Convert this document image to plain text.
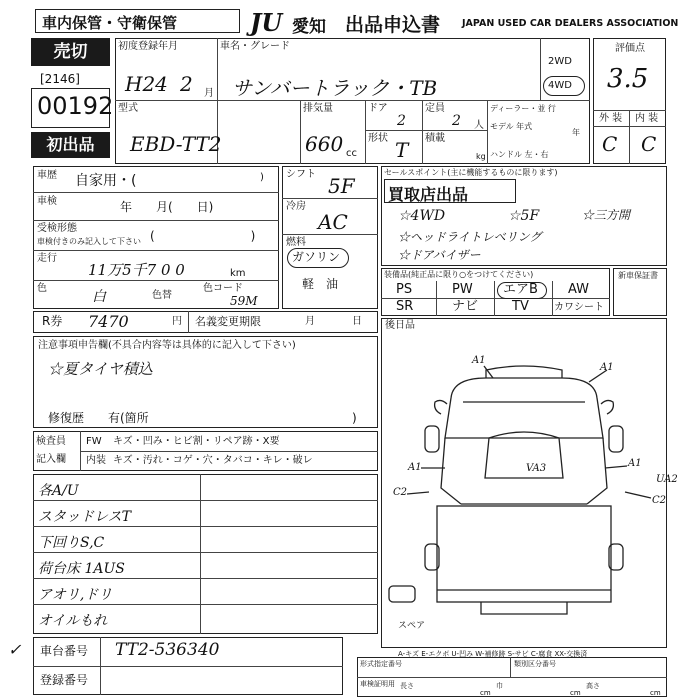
車内保管・守衛保管	JU 愛知 出品申込書 JAPAN USED CAR DEALERS ASSOCIATION
売切
[2146]
00192
初出品
初度登録年月	車名・グレード
H24 2 月 サンバートラック・TB
2WD
4WD
型式
EBD-TT2
排気量
660 cc
ドア
2
形状 T
定員
2 人
積載
kg
ディーラー・並 行
モデル 年式
年
ハンドル 左・右
評価点
3.5
外 装 内 装
C C
車歴 自家用・(	)
車検	年　　月(　　日)
受検形態
車検付きのみ記入して下さい (　　　　　　　　)
走行
11万5千7 0 0	km
色
白	色替
色コード
59M
シフト 5F
冷房
AC
燃料
ガソリン
軽　油
セールスポイント(主に機能するものに限ります)
買取店出品
☆4WD	☆5F	☆三方開
☆ヘッドライトレベリング
☆ドアバイザー
装備品(純正品に限り○をつけてください)
PS	PW エアB AW
SR	ナビ	TV	カワシート
新車保証書
R券 7470	円 名義変更期限	月	日 後日品
注意事項申告欄(不具合内容等は具体的に記入して下さい)
☆夏タイヤ積込
修復歴　　有(箇所	)
検査員
記入欄
FW キズ・凹み・ヒビ割・リペア跡・X要
内装 キズ・汚れ・コゲ・穴・タバコ・キレ・破レ
各A/U
スタッドレスT
下回りS,C
荷台床 1AUS
アオリ,ドリ
オイルもれ
✓ 車台番号 TT2-536340
登録番号
A1
A1
A1	A1
VA3
C2
C2
UA2
スペア
A-キズ E-エクボ U-凹み W-補修跡 S-サビ C-腐食 XX-交換済
形式指定番号	類別区分番号
車検証明用 長さ	巾	高さ
cm	cm	cm
